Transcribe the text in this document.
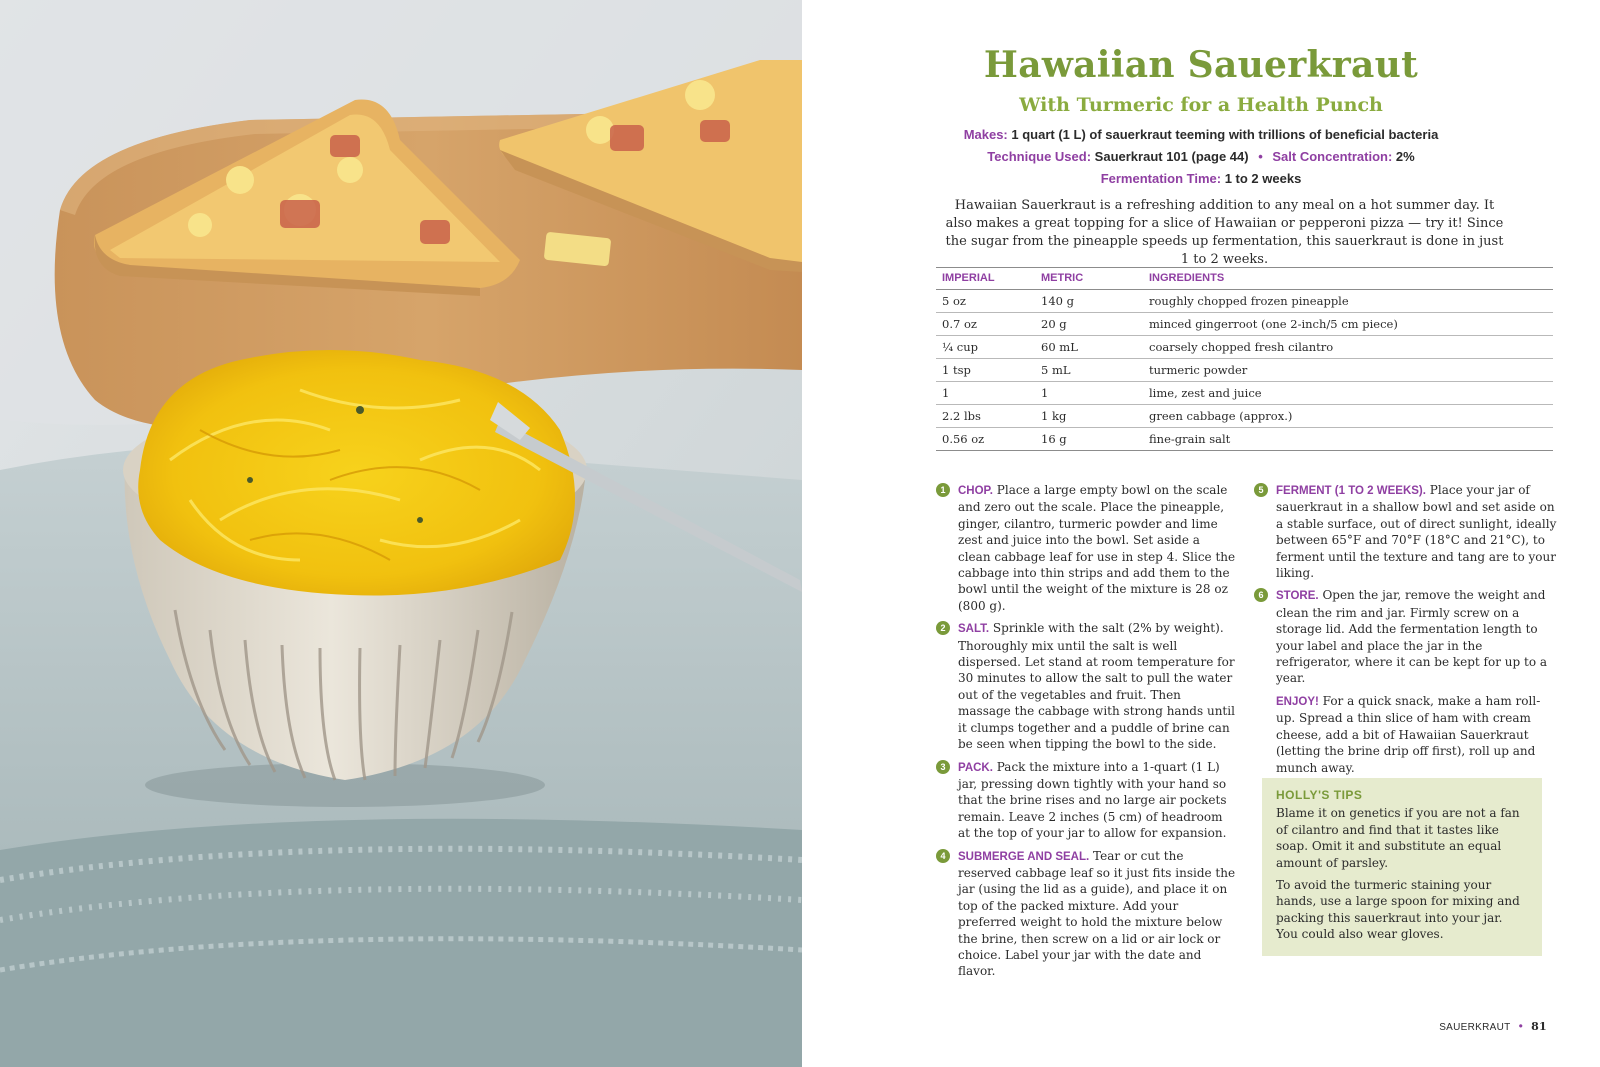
Hawaiian Sauerkraut
With Turmeric for a Health Punch
Makes: 1 quart (1 L) of sauerkraut teeming with trillions of beneficial bacteria
Technique Used: Sauerkraut 101 (page 44) • Salt Concentration: 2%
Fermentation Time: 1 to 2 weeks

Hawaiian Sauerkraut is a refreshing addition to any meal on a hot summer day. It also makes a great topping for a slice of Hawaiian or pepperoni pizza — try it! Since the sugar from the pineapple speeds up fermentation, this sauerkraut is done in just 1 to 2 weeks.

IMPERIAL	METRIC	INGREDIENTS
5 oz	140 g	roughly chopped frozen pineapple
0.7 oz	20 g	minced gingerroot (one 2-inch/5 cm piece)
¼ cup	60 mL	coarsely chopped fresh cilantro
1 tsp	5 mL	turmeric powder
1	1	lime, zest and juice
2.2 lbs	1 kg	green cabbage (approx.)
0.56 oz	16 g	fine-grain salt
1	CHOP. Place a large empty bowl on the scale and zero out the scale. Place the pineapple, ginger, cilantro, turmeric powder and lime zest and juice into the bowl. Set aside a clean cabbage leaf for use in step 4. Slice the cabbage into thin strips and add them to the bowl until the weight of the mixture is 28 oz (800 g).
2	SALT. Sprinkle with the salt (2% by weight). Thoroughly mix until the salt is well dispersed. Let stand at room temperature for 30 minutes to allow the salt to pull the water out of the vegetables and fruit. Then massage the cabbage with strong hands until it clumps together and a puddle of brine can be seen when tipping the bowl to the side.
3	PACK. Pack the mixture into a 1-quart (1 L) jar, pressing down tightly with your hand so that the brine rises and no large air pockets remain. Leave 2 inches (5 cm) of headroom at the top of your jar to allow for expansion.
4	SUBMERGE AND SEAL. Tear or cut the reserved cabbage leaf so it just fits inside the jar (using the lid as a guide), and place it on top of the packed mixture. Add your preferred weight to hold the mixture below the brine, then screw on a lid or air lock or choice. Label your jar with the date and flavor.
5	FERMENT (1 TO 2 WEEKS). Place your jar of sauerkraut in a shallow bowl and set aside on a stable surface, out of direct sunlight, ideally between 65°F and 70°F (18°C and 21°C), to ferment until the texture and tang are to your liking.
6	STORE. Open the jar, remove the weight and clean the rim and jar. Firmly screw on a storage lid. Add the fermentation length to your label and place the jar in the refrigerator, where it can be kept for up to a year.
ENJOY! For a quick snack, make a ham roll-up. Spread a thin slice of ham with cream cheese, add a bit of Hawaiian Sauerkraut (letting the brine drip off first), roll up and munch away.
HOLLY'S TIPS

Blame it on genetics if you are not a fan of cilantro and find that it tastes like soap. Omit it and substitute an equal amount of parsley.

To avoid the turmeric staining your hands, use a large spoon for mixing and packing this sauerkraut into your jar. You could also wear gloves.

SAUERKRAUT • 81
